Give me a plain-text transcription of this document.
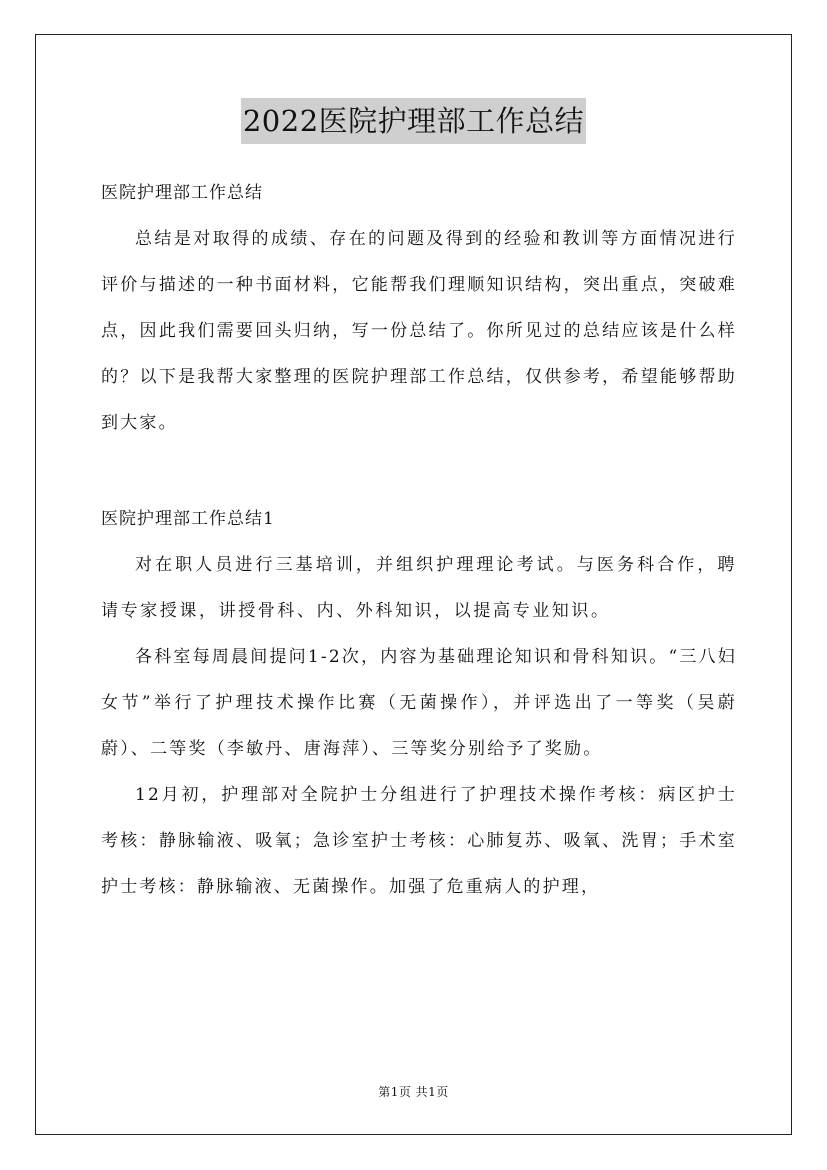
2022医院护理部工作总结

医院护理部工作总结

总结是对取得的成绩、存在的问题及得到的经验和教训等方面情况进行评价与描述的一种书面材料，它能帮我们理顺知识结构，突出重点，突破难点，因此我们需要回头归纳，写一份总结了。你所见过的总结应该是什么样的？以下是我帮大家整理的医院护理部工作总结，仅供参考，希望能够帮助到大家。

医院护理部工作总结1

对在职人员进行三基培训，并组织护理理论考试。与医务科合作，聘请专家授课，讲授骨科、内、外科知识，以提高专业知识。

各科室每周晨间提问1-2次，内容为基础理论知识和骨科知识。“三八妇女节”举行了护理技术操作比赛（无菌操作），并评选出了一等奖（吴蔚蔚）、二等奖（李敏丹、唐海萍）、三等奖分别给予了奖励。

12月初，护理部对全院护士分组进行了护理技术操作考核：病区护士考核：静脉输液、吸氧；急诊室护士考核：心肺复苏、吸氧、洗胃；手术室护士考核：静脉输液、无菌操作。加强了危重病人的护理，

第1页 共1页
